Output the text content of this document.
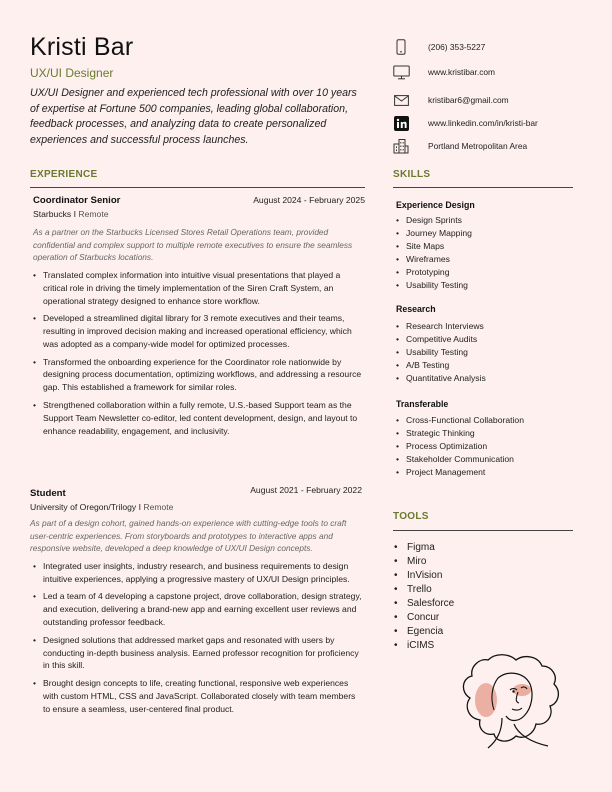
Kristi Bar
UX/UI Designer
UX/UI Designer and experienced tech professional with over 10 years of expertise at Fortune 500 companies, leading global collaboration, feedback processes, and analyzing data to create personalized experiences and successful process launches.
EXPERIENCE
Coordinator Senior	August 2024 - February 2025
Starbucks I Remote
As a partner on the Starbucks Licensed Stores Retail Operations team, provided confidential and complex support to multiple remote executives to ensure the seamless operation of Starbucks locations.
• Translated complex information into intuitive visual presentations that played a critical role in driving the timely implementation of the Siren Craft System, an operational strategy designed to enhance store workflow.
• Developed a streamlined digital library for 3 remote executives and their teams, resulting in improved decision making and increased operational efficiency, which was adopted as a company-wide model for optimized processes.
• Transformed the onboarding experience for the Coordinator role nationwide by designing process documentation, optimizing workflows, and addressing a resource gap. This established a framework for similar roles.
• Strengthened collaboration within a fully remote, U.S.-based Support team as the Support Team Newsletter co-editor, led content development, design, and layout to enhance readability, engagement, and inclusivity.
Student	August 2021 - February 2022
University of Oregon/Trilogy I Remote
As part of a design cohort, gained hands-on experience with cutting-edge tools to craft user-centric experiences. From storyboards and prototypes to interactive apps and responsive website, developed a deep knowledge of UX/UI Design concepts.
• Integrated user insights, industry research, and business requirements to design intuitive experiences, applying a progressive mastery of UX/UI Design principles.
• Led a team of 4 developing a capstone project, drove collaboration, design strategy, and execution, delivering a brand-new app and earning excellent user reviews and outstanding professor feedback.
• Designed solutions that addressed market gaps and resonated with users by conducting in-depth business analysis. Earned professor recognition for proficiency in this skill.
• Brought design concepts to life, creating functional, responsive web experiences with custom HTML, CSS and JavaScript. Collaborated closely with team members to ensure a seamless, user-centered final product.
(206) 353-5227
www.kristibar.com
kristibar6@gmail.com
www.linkedin.com/in/kristi-bar
Portland Metropolitan Area
SKILLS
Experience Design
• Design Sprints
• Journey Mapping
• Site Maps
• Wireframes
• Prototyping
• Usability Testing
Research
• Research Interviews
• Competitive Audits
• Usability Testing
• A/B Testing
• Quantitative Analysis
Transferable
• Cross-Functional Collaboration
• Strategic Thinking
• Process Optimization
• Stakeholder Communication
• Project Management
TOOLS
• Figma
• Miro
• InVision
• Trello
• Salesforce
• Concur
• Egencia
• iCIMS
